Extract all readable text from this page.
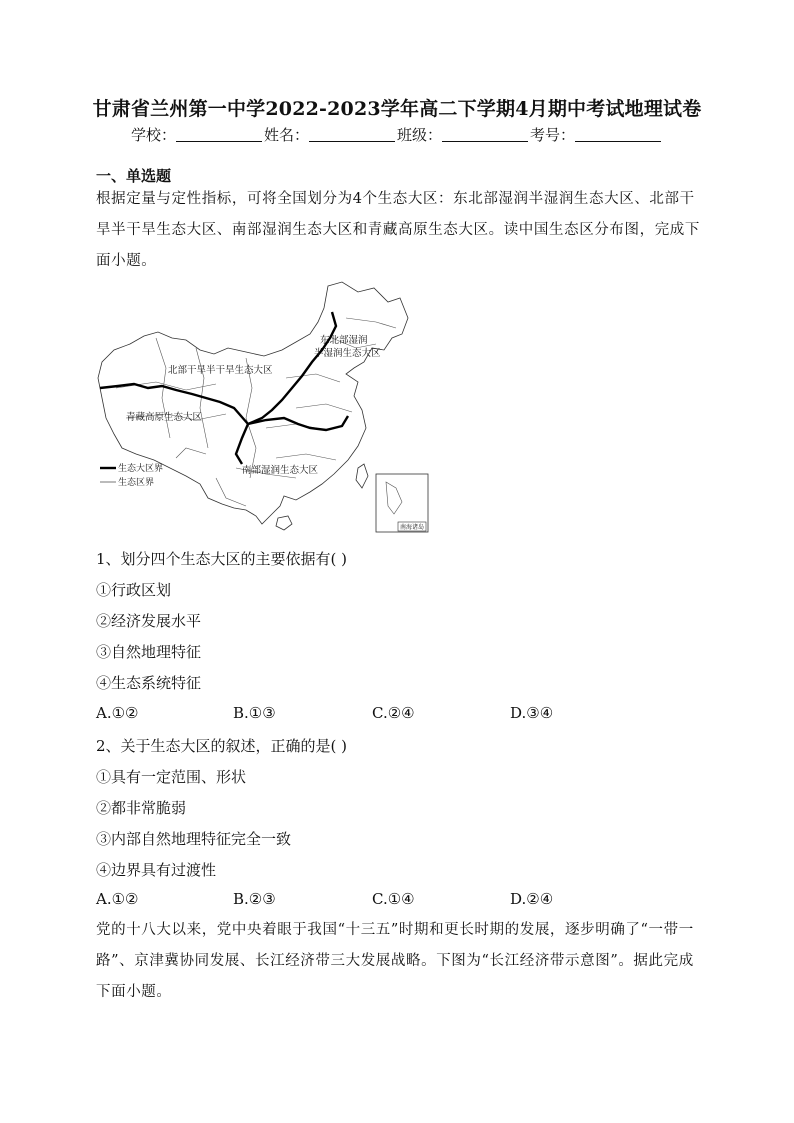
甘肃省兰州第一中学2022-2023学年高二下学期4月期中考试地理试卷
学校：	姓名：	班级：	考号：
一、单选题
根据定量与定性指标，可将全国划分为4个生态大区：东北部湿润半湿润生态大区、北部干旱半干旱生态大区、南部湿润生态大区和青藏高原生态大区。读中国生态区分布图，完成下面小题。
东北部湿润
半湿润生态大区
北部干旱半干旱生态大区
青藏高原生态大区
南部湿润生态大区
生态大区界
生态区界
南海诸岛
1、划分四个生态大区的主要依据有( )
①行政区划
②经济发展水平
③自然地理特征
④生态系统特征
A.①②	B.①③	C.②④	D.③④
2、关于生态大区的叙述，正确的是( )
①具有一定范围、形状
②都非常脆弱
③内部自然地理特征完全一致
④边界具有过渡性
A.①②	B.②③	C.①④	D.②④
党的十八大以来，党中央着眼于我国“十三五”时期和更长时期的发展，逐步明确了“一带一路”、京津冀协同发展、长江经济带三大发展战略。下图为“长江经济带示意图”。据此完成下面小题。
